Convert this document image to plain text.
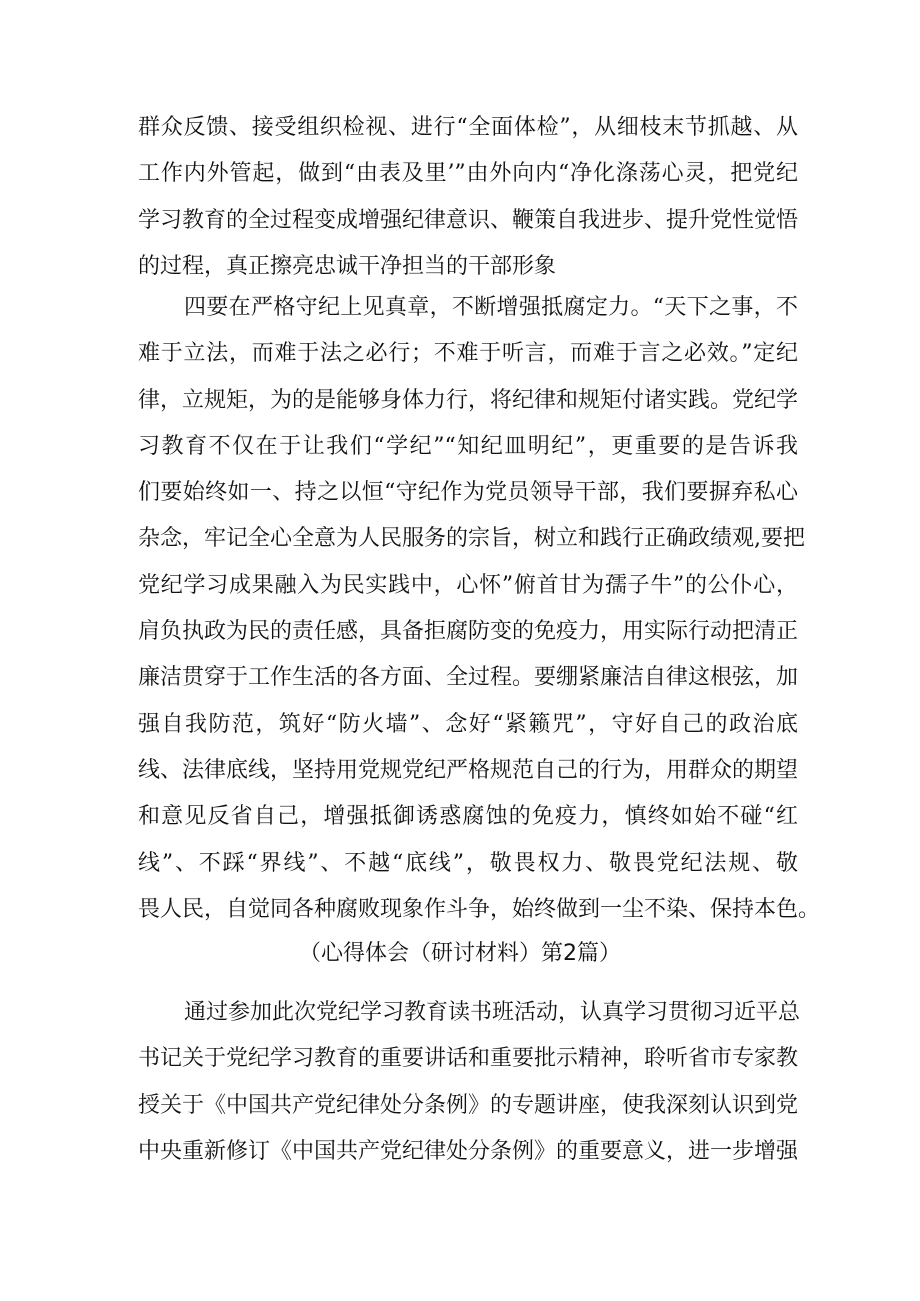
群众反馈、接受组织检视、进行“全面体检”，从细枝末节抓越、从
工作内外管起，做到“由表及里’”由外向内“净化涤荡心灵，把党纪
学习教育的全过程变成增强纪律意识、鞭策自我进步、提升党性觉悟
的过程，真正擦亮忠诚干净担当的干部形象
四要在严格守纪上见真章，不断增强抵腐定力。“天下之事，不
难于立法，而难于法之必行；不难于听言，而难于言之必效。”定纪
律，立规矩，为的是能够身体力行，将纪律和规矩付诸实践。党纪学
习教育不仅在于让我们“学纪”“知纪皿明纪”，更重要的是告诉我
们要始终如一、持之以恒“守纪作为党员领导干部，我们要摒弃私心
杂念，牢记全心全意为人民服务的宗旨，树立和践行正确政绩观,要把
党纪学习成果融入为民实践中，心怀”俯首甘为孺子牛”的公仆心，
肩负执政为民的责任感，具备拒腐防变的免疫力，用实际行动把清正
廉洁贯穿于工作生活的各方面、全过程。要绷紧廉洁自律这根弦，加
强自我防范，筑好“防火墙”、念好“紧籁咒”，守好自己的政治底
线、法律底线，坚持用党规党纪严格规范自己的行为，用群众的期望
和意见反省自己，增强抵御诱惑腐蚀的免疫力，慎终如始不碰“红
线”、不踩“界线”、不越“底线”，敬畏权力、敬畏党纪法规、敬
畏人民，自觉同各种腐败现象作斗争，始终做到一尘不染、保持本色。
（心得体会（研讨材料）第2篇）
通过参加此次党纪学习教育读书班活动，认真学习贯彻习近平总
书记关于党纪学习教育的重要讲话和重要批示精神，聆听省市专家教
授关于《中国共产党纪律处分条例》的专题讲座，使我深刻认识到党
中央重新修订《中国共产党纪律处分条例》的重要意义，进一步增强
